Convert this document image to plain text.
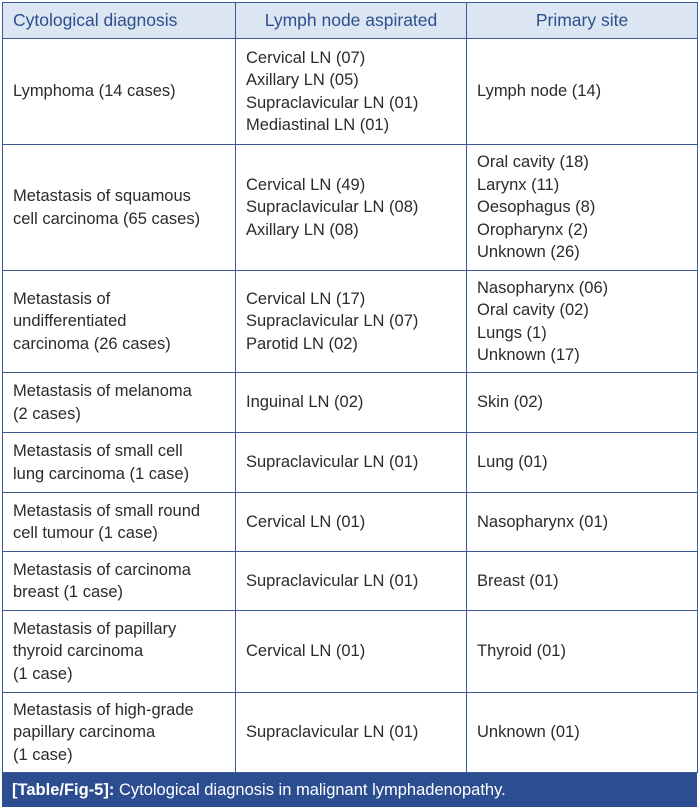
Cytological diagnosis	Lymph node aspirated	Primary site

Lymphoma (14 cases)	Cervical LN (07)
Axillary LN (05)
Supraclavicular LN (01)
Mediastinal LN (01)	Lymph node (14)

Metastasis of squamous
cell carcinoma (65 cases)	Cervical LN (49)
Supraclavicular LN (08)
Axillary LN (08)	Oral cavity (18)
Larynx (11)
Oesophagus (8)
Oropharynx (2)
Unknown (26)

Metastasis of
undifferentiated
carcinoma (26 cases)	Cervical LN (17)
Supraclavicular LN (07)
Parotid LN (02)	Nasopharynx (06)
Oral cavity (02)
Lungs (1)
Unknown (17)

Metastasis of melanoma
(2 cases)	Inguinal LN (02)	Skin (02)

Metastasis of small cell
lung carcinoma (1 case)	Supraclavicular LN (01)	Lung (01)

Metastasis of small round
cell tumour (1 case)	Cervical LN (01)	Nasopharynx (01)

Metastasis of carcinoma
breast (1 case)	Supraclavicular LN (01)	Breast (01)

Metastasis of papillary
thyroid carcinoma
(1 case)	Cervical LN (01)	Thyroid (01)

Metastasis of high-grade
papillary carcinoma
(1 case)	Supraclavicular LN (01)	Unknown (01)
[Table/Fig-5]: Cytological diagnosis in malignant lymphadenopathy.
